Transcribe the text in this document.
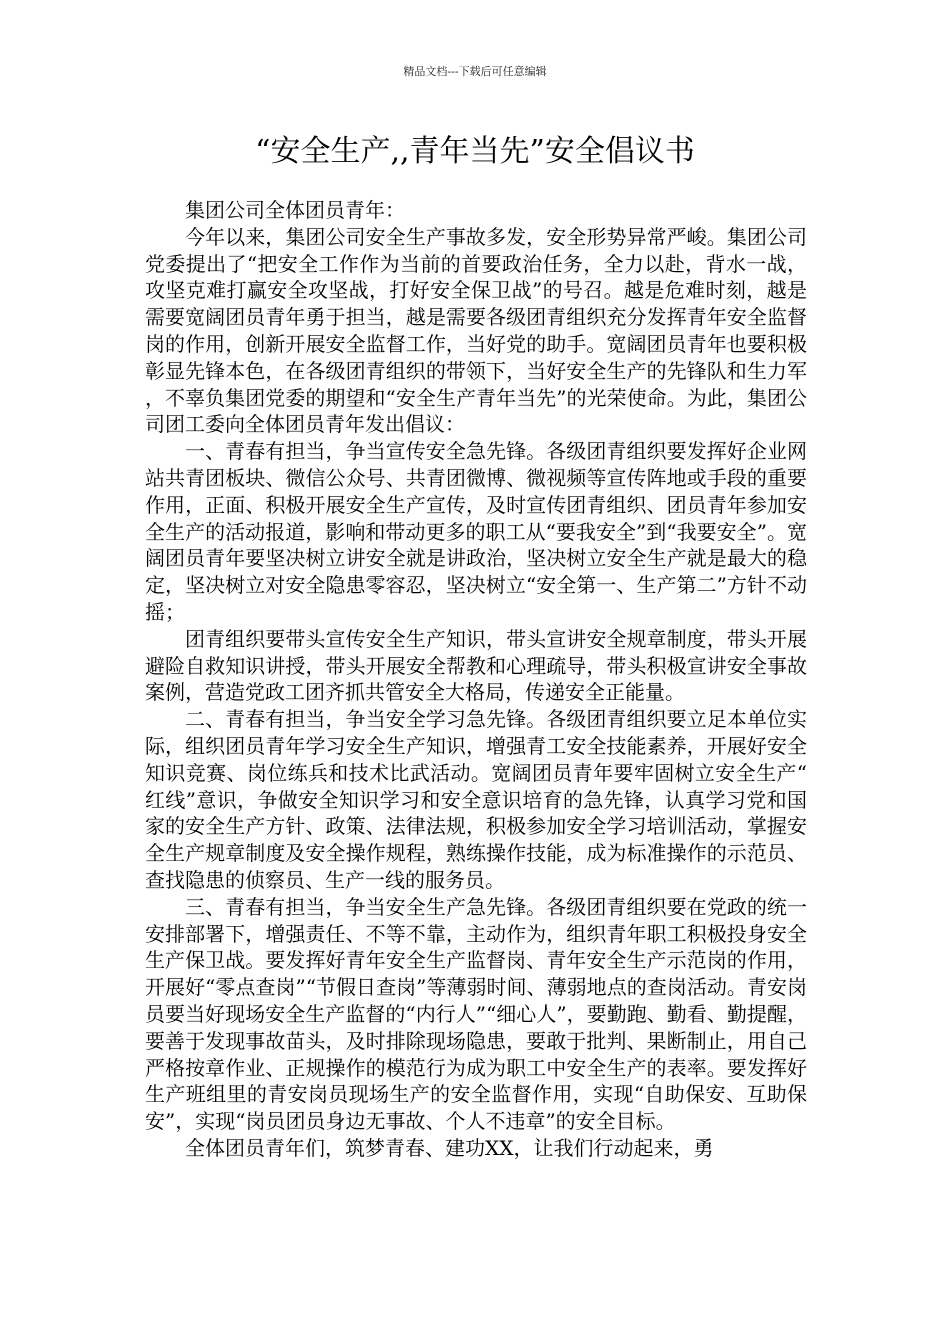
精品文档---下载后可任意编辑
“安全生产,,青年当先”安全倡议书

集团公司全体团员青年：

今年以来，集团公司安全生产事故多发，安全形势异常严峻。集团公司党委提出了“把安全工作作为当前的首要政治任务，全力以赴，背水一战，攻坚克难打赢安全攻坚战，打好安全保卫战”的号召。越是危难时刻，越是需要宽阔团员青年勇于担当，越是需要各级团青组织充分发挥青年安全监督岗的作用，创新开展安全监督工作，当好党的助手。宽阔团员青年也要积极彰显先锋本色，在各级团青组织的带领下，当好安全生产的先锋队和生力军，不辜负集团党委的期望和“安全生产青年当先”的光荣使命。为此，集团公司团工委向全体团员青年发出倡议：

一、青春有担当，争当宣传安全急先锋。各级团青组织要发挥好企业网站共青团板块、微信公众号、共青团微博、微视频等宣传阵地或手段的重要作用，正面、积极开展安全生产宣传，及时宣传团青组织、团员青年参加安全生产的活动报道，影响和带动更多的职工从“要我安全”到“我要安全”。宽阔团员青年要坚决树立讲安全就是讲政治，坚决树立安全生产就是最大的稳定，坚决树立对安全隐患零容忍，坚决树立“安全第一、生产第二”方针不动摇；

团青组织要带头宣传安全生产知识，带头宣讲安全规章制度，带头开展避险自救知识讲授，带头开展安全帮教和心理疏导，带头积极宣讲安全事故案例，营造党政工团齐抓共管安全大格局，传递安全正能量。

二、青春有担当，争当安全学习急先锋。各级团青组织要立足本单位实际，组织团员青年学习安全生产知识，增强青工安全技能素养，开展好安全知识竞赛、岗位练兵和技术比武活动。宽阔团员青年要牢固树立安全生产“红线”意识，争做安全知识学习和安全意识培育的急先锋，认真学习党和国家的安全生产方针、政策、法律法规，积极参加安全学习培训活动，掌握安全生产规章制度及安全操作规程，熟练操作技能，成为标准操作的示范员、查找隐患的侦察员、生产一线的服务员。

三、青春有担当，争当安全生产急先锋。各级团青组织要在党政的统一安排部署下，增强责任、不等不靠，主动作为，组织青年职工积极投身安全生产保卫战。要发挥好青年安全生产监督岗、青年安全生产示范岗的作用，开展好“零点查岗”“节假日查岗”等薄弱时间、薄弱地点的查岗活动。青安岗员要当好现场安全生产监督的“内行人”“细心人”，要勤跑、勤看、勤提醒，要善于发现事故苗头，及时排除现场隐患，要敢于批判、果断制止，用自己严格按章作业、正规操作的模范行为成为职工中安全生产的表率。要发挥好生产班组里的青安岗员现场生产的安全监督作用，实现“自助保安、互助保安”，实现“岗员团员身边无事故、个人不违章”的安全目标。

全体团员青年们，筑梦青春、建功XX，让我们行动起来，勇
